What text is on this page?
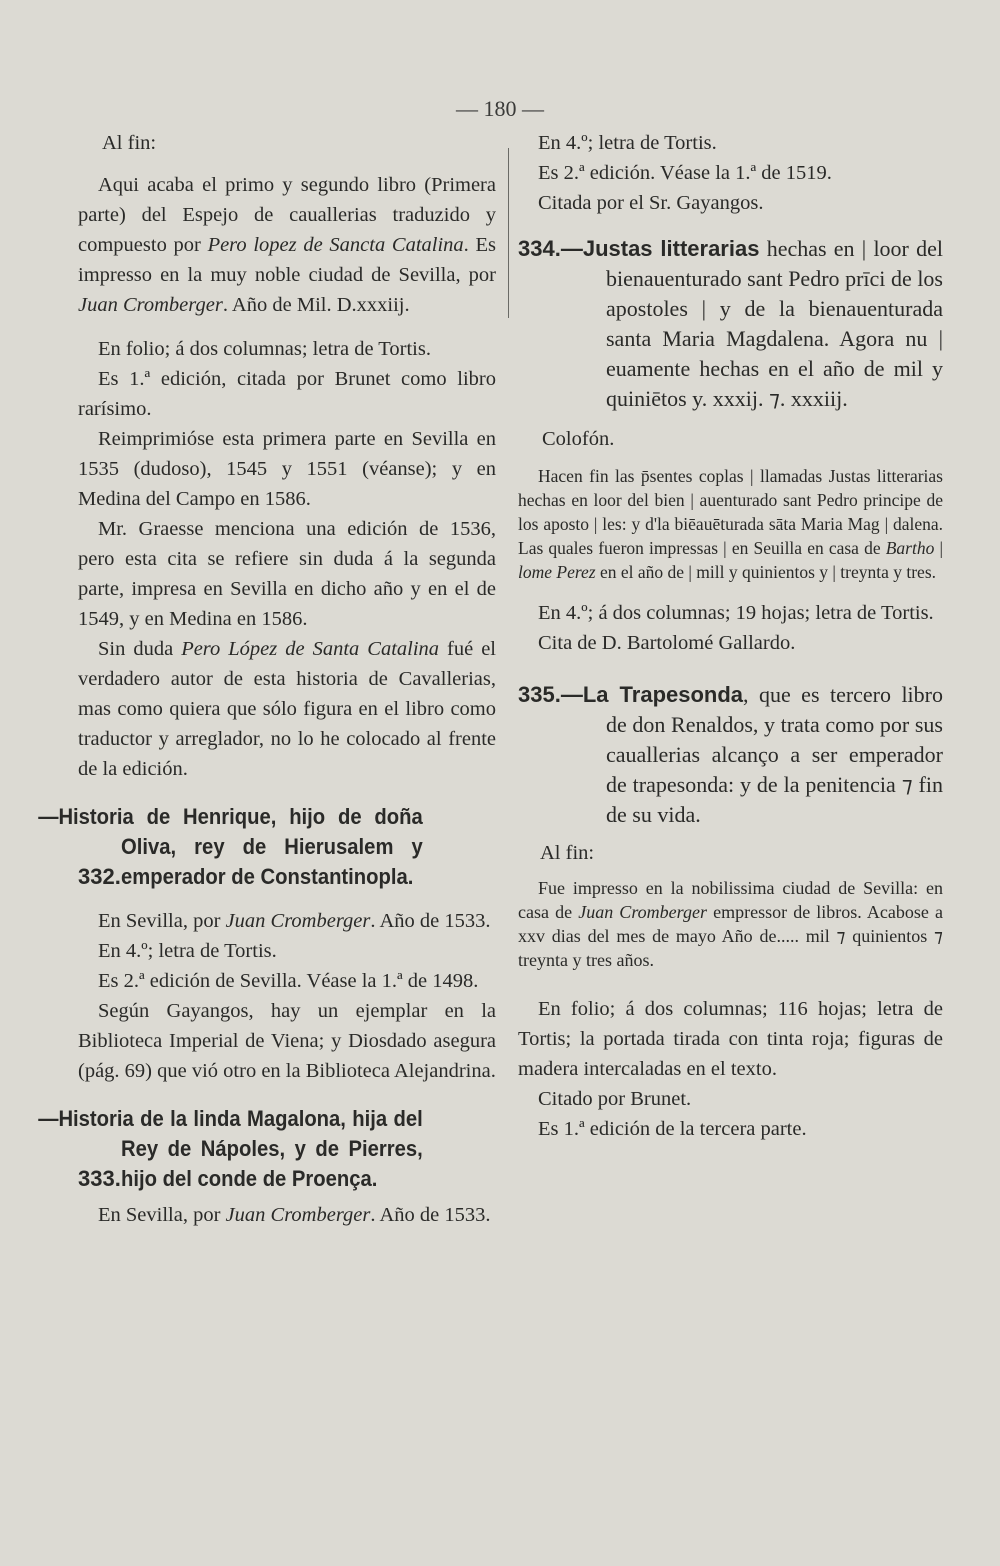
— 180 —

Al fin:

Aqui acaba el primo y segundo libro (Primera parte) del Espejo de cauallerias traduzido y compuesto por Pero lopez de Sancta Catalina. Es impresso en la muy noble ciudad de Sevilla, por Juan Cromberger. Año de Mil. D.xxxiij.

En folio; á dos columnas; letra de Tortis.

Es 1.ª edición, citada por Brunet como libro rarísimo.

Reimprimióse esta primera parte en Sevilla en 1535 (dudoso), 1545 y 1551 (véanse); y en Medina del Campo en 1586.

Mr. Graesse menciona una edición de 1536, pero esta cita se refiere sin duda á la segunda parte, impresa en Sevilla en dicho año y en el de 1549, y en Medina en 1586.

Sin duda Pero López de Santa Catalina fué el verdadero autor de esta historia de Cavallerias, mas como quiera que sólo figura en el libro como traductor y arreglador, no lo he colocado al frente de la edición.

332.—Historia de Henrique, hijo de doña Oliva, rey de Hierusalem y emperador de Constantinopla.

En Sevilla, por Juan Cromberger. Año de 1533.

En 4.º; letra de Tortis.

Es 2.ª edición de Sevilla. Véase la 1.ª de 1498.

Según Gayangos, hay un ejemplar en la Biblioteca Imperial de Viena; y Diosdado asegura (pág. 69) que vió otro en la Biblioteca Alejandrina.

333.—Historia de la linda Magalona, hija del Rey de Nápoles, y de Pierres, hijo del conde de Proença.

En Sevilla, por Juan Cromberger. Año de 1533.

En 4.º; letra de Tortis.

Es 2.ª edición. Véase la 1.ª de 1519.

Citada por el Sr. Gayangos.

334.—Justas litterarias hechas en | loor del bienauenturado sant Pedro prīci de los apostoles | y de la bienauenturada santa Maria Magdalena. Agora nu | euamente hechas en el año de mil y quiniētos y. xxxij. ⁊. xxxiij.

Colofón.

Hacen fin las p̄sentes coplas | llamadas Justas litterarias hechas en loor del bien | auenturado sant Pedro principe de los aposto | les: y d'la biēauēturada sāta Maria Mag | dalena. Las quales fueron impressas | en Seuilla en casa de Bartho | lome Perez en el año de | mill y quinientos y | treynta y tres.

En 4.º; á dos columnas; 19 hojas; letra de Tortis.

Cita de D. Bartolomé Gallardo.

335.—La Trapesonda, que es tercero libro de don Renaldos, y trata como por sus cauallerias alcanço a ser emperador de trapesonda: y de la penitencia ⁊ fin de su vida.

Al fin:

Fue impresso en la nobilissima ciudad de Sevilla: en casa de Juan Cromberger empressor de libros. Acabose a xxv dias del mes de mayo Año de..... mil ⁊ quinientos ⁊ treynta y tres años.

En folio; á dos columnas; 116 hojas; letra de Tortis; la portada tirada con tinta roja; figuras de madera intercaladas en el texto.

Citado por Brunet.

Es 1.ª edición de la tercera parte.
